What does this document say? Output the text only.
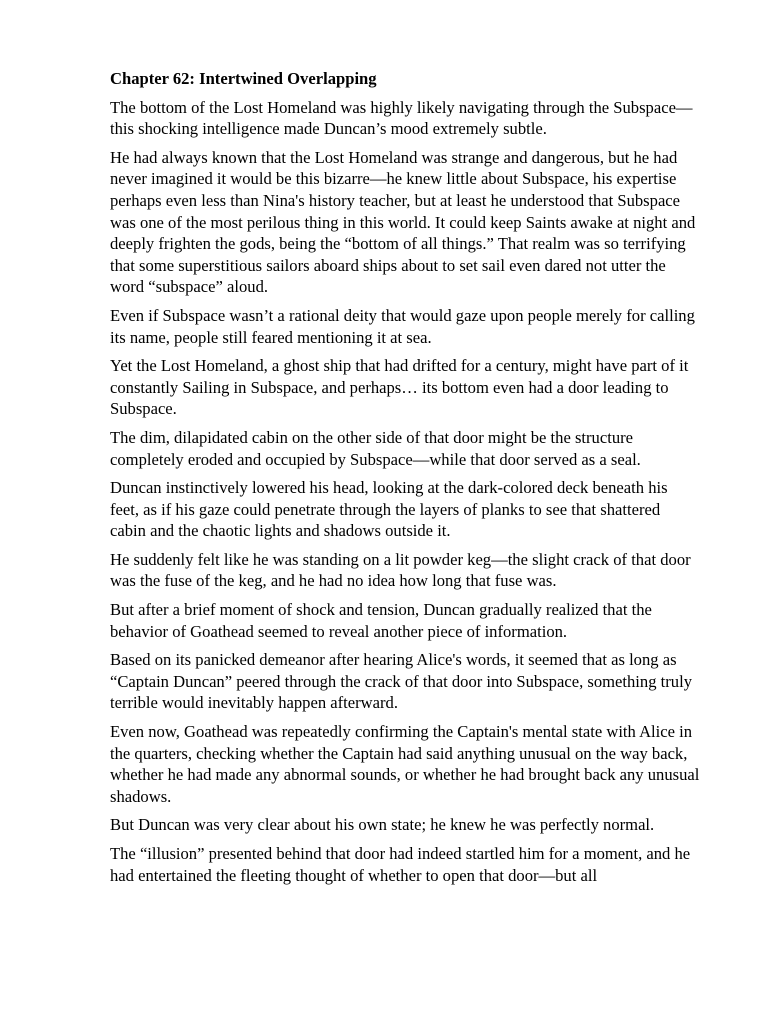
Chapter 62: Intertwined Overlapping

The bottom of the Lost Homeland was highly likely navigating through the Subspace—this shocking intelligence made Duncan’s mood extremely subtle.

He had always known that the Lost Homeland was strange and dangerous, but he had never imagined it would be this bizarre—he knew little about Subspace, his expertise perhaps even less than Nina's history teacher, but at least he understood that Subspace was one of the most perilous thing in this world. It could keep Saints awake at night and deeply frighten the gods, being the “bottom of all things.” That realm was so terrifying that some superstitious sailors aboard ships about to set sail even dared not utter the word “subspace” aloud.

Even if Subspace wasn’t a rational deity that would gaze upon people merely for calling its name, people still feared mentioning it at sea.

Yet the Lost Homeland, a ghost ship that had drifted for a century, might have part of it constantly Sailing in Subspace, and perhaps… its bottom even had a door leading to Subspace.

The dim, dilapidated cabin on the other side of that door might be the structure completely eroded and occupied by Subspace—while that door served as a seal.

Duncan instinctively lowered his head, looking at the dark-colored deck beneath his feet, as if his gaze could penetrate through the layers of planks to see that shattered cabin and the chaotic lights and shadows outside it.

He suddenly felt like he was standing on a lit powder keg—the slight crack of that door was the fuse of the keg, and he had no idea how long that fuse was.

But after a brief moment of shock and tension, Duncan gradually realized that the behavior of Goathead seemed to reveal another piece of information.

Based on its panicked demeanor after hearing Alice's words, it seemed that as long as “Captain Duncan” peered through the crack of that door into Subspace, something truly terrible would inevitably happen afterward.

Even now, Goathead was repeatedly confirming the Captain's mental state with Alice in the quarters, checking whether the Captain had said anything unusual on the way back, whether he had made any abnormal sounds, or whether he had brought back any unusual shadows.

But Duncan was very clear about his own state; he knew he was perfectly normal.

The “illusion” presented behind that door had indeed startled him for a moment, and he had entertained the fleeting thought of whether to open that door—but all
